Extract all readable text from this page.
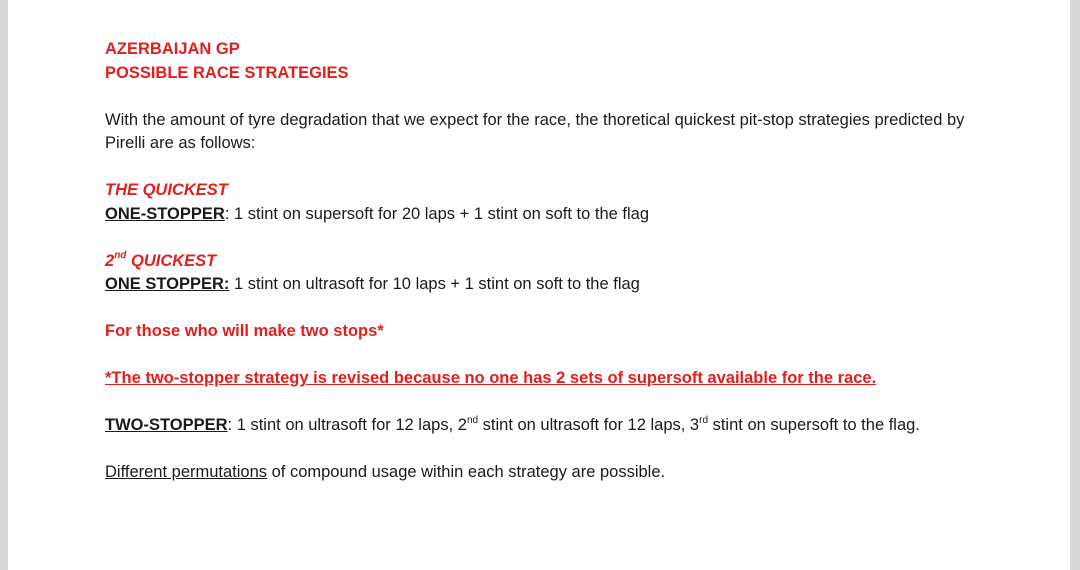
AZERBAIJAN GP

POSSIBLE RACE STRATEGIES

With the amount of tyre degradation that we expect for the race, the thoretical quickest pit-stop strategies predicted by Pirelli are as follows:

THE QUICKEST

ONE-STOPPER: 1 stint on supersoft for 20 laps + 1 stint on soft to the flag

2nd QUICKEST

ONE STOPPER: 1 stint on ultrasoft for 10 laps + 1 stint on soft to the flag

For those who will make two stops*

*The two-stopper strategy is revised because no one has 2 sets of supersoft available for the race.

TWO-STOPPER: 1 stint on ultrasoft for 12 laps, 2nd stint on ultrasoft for 12 laps, 3rd stint on supersoft to the flag.

Different permutations of compound usage within each strategy are possible.
